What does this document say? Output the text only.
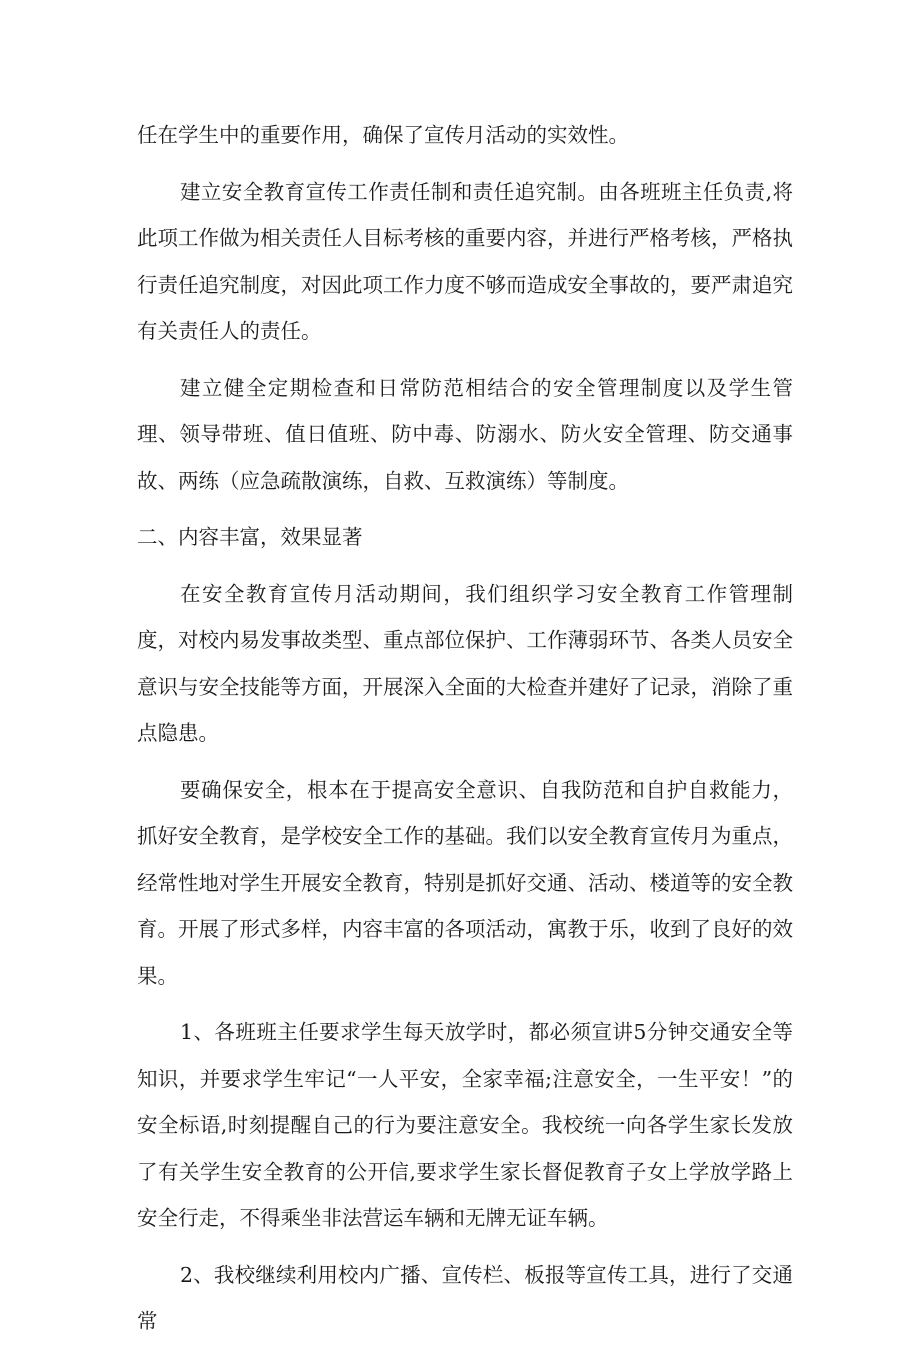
任在学生中的重要作用，确保了宣传月活动的实效性。

建立安全教育宣传工作责任制和责任追究制。由各班班主任负责,将此项工作做为相关责任人目标考核的重要内容，并进行严格考核，严格执行责任追究制度，对因此项工作力度不够而造成安全事故的，要严肃追究有关责任人的责任。

建立健全定期检查和日常防范相结合的安全管理制度以及学生管理、领导带班、值日值班、防中毒、防溺水、防火安全管理、防交通事故、两练（应急疏散演练，自救、互救演练）等制度。

二、内容丰富，效果显著

在安全教育宣传月活动期间，我们组织学习安全教育工作管理制度，对校内易发事故类型、重点部位保护、工作薄弱环节、各类人员安全意识与安全技能等方面，开展深入全面的大检查并建好了记录，消除了重点隐患。

要确保安全，根本在于提高安全意识、自我防范和自护自救能力，抓好安全教育，是学校安全工作的基础。我们以安全教育宣传月为重点，经常性地对学生开展安全教育，特别是抓好交通、活动、楼道等的安全教育。开展了形式多样，内容丰富的各项活动，寓教于乐，收到了良好的效果。

1、各班班主任要求学生每天放学时，都必须宣讲5分钟交通安全等知识，并要求学生牢记“一人平安，全家幸福;注意安全，一生平安！”的安全标语,时刻提醒自己的行为要注意安全。我校统一向各学生家长发放了有关学生安全教育的公开信,要求学生家长督促教育子女上学放学路上安全行走，不得乘坐非法营运车辆和无牌无证车辆。

2、我校继续利用校内广播、宣传栏、板报等宣传工具，进行了交通常
